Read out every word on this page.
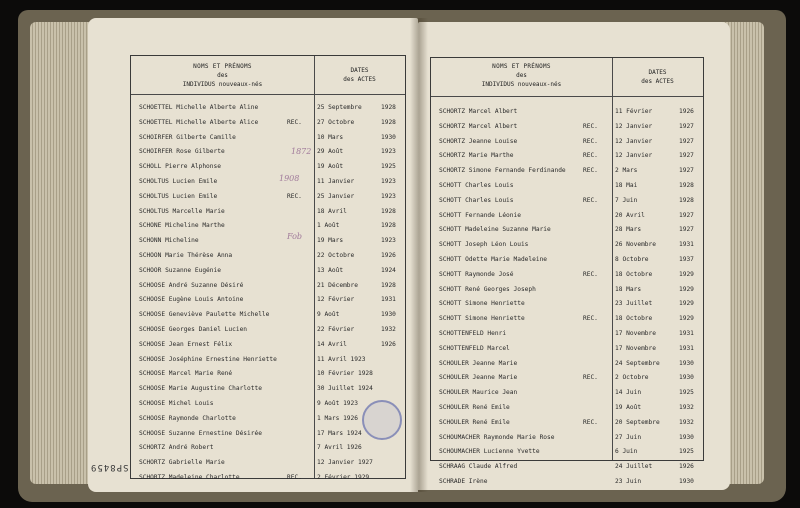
NOMS ET PRÉNOMS
des
INDIVIDUS nouveaux-nés
DATES
des ACTES
SCHOETTEL Michelle Alberte Aline	25 Septembre	1928
SCHOETTEL Michelle Alberte Alice	REC. 27 Octobre	1928
SCHOIRFER Gilberte Camille	10 Mars	1930
SCHOIRFER Rose Gilberte	29 Août	1923
SCHOLL Pierre Alphonse	19 Août	1925
SCHOLTUS Lucien Emile	11 Janvier	1923
SCHOLTUS Lucien Emile	REC. 25 Janvier	1923
SCHOLTUS Marcelle Marie	18 Avril	1928
SCHONE Micheline Marthe	1 Août	1928
SCHONN Micheline	19 Mars	1923
SCHOON Marie Thérèse Anna	22 Octobre	1926
SCHOOR Suzanne Eugénie	13 Août	1924
SCHOOSE André Suzanne Désiré	21 Décembre	1928
SCHOOSE Eugène Louis Antoine	12 Février	1931
SCHOOSE Geneviève Paulette Michelle	9 Août	1930
SCHOOSE Georges Daniel Lucien	22 Février	1932
SCHOOSE Jean Ernest Félix	14 Avril	1926
SCHOOSE Joséphine Ernestine Henriette	11 Avril 1923
SCHOOSE Marcel Marie René	10 Février 1928
SCHOOSE Marie Augustine Charlotte	30 Juillet 1924
SCHOOSE Michel Louis	9 Août 1923
SCHOOSE Raymonde Charlotte	1 Mars 1926
SCHOOSE Suzanne Ernestine Désirée	17 Mars 1924
SCHORTZ André Robert	7 Avril 1926
SCHORTZ Gabrielle Marie	12 Janvier 1927
SCHORTZ Madeleine Charlotte	REC. 2 Février 1929
1872
1908
Fob
NOMS ET PRÉNOMS
des
INDIVIDUS nouveaux-nés
DATES
des ACTES
SCHORTZ Marcel Albert	11 Février	1926
SCHORTZ Marcel Albert	REC.	12 Janvier	1927
SCHORTZ Jeanne Louise	REC.	12 Janvier	1927
SCHORTZ Marie Marthe	REC.	12 Janvier	1927
SCHORTZ Simone Fernande Ferdinande	REC.	2 Mars	1927
SCHOTT Charles Louis	18 Mai	1928
SCHOTT Charles Louis	REC.	7 Juin	1928
SCHOTT Fernande Léonie	20 Avril	1927
SCHOTT Madeleine Suzanne Marie	28 Mars	1927
SCHOTT Joseph Léon Louis	26 Novembre	1931
SCHOTT Odette Marie Madeleine	8 Octobre	1937
SCHOTT Raymonde José	REC.	18 Octobre	1929
SCHOTT René Georges Joseph	18 Mars	1929
SCHOTT Simone Henriette	23 Juillet	1929
SCHOTT Simone Henriette	REC.	18 Octobre	1929
SCHOTTENFELD Henri	17 Novembre	1931
SCHOTTENFELD Marcel	17 Novembre	1931
SCHOULER Jeanne Marie	24 Septembre	1930
SCHOULER Jeanne Marie	REC.	2 Octobre	1930
SCHOULER Maurice Jean	14 Juin	1925
SCHOULER René Emile	19 Août	1932
SCHOULER René Emile	REC.	20 Septembre	1932
SCHOUMACHER Raymonde Marie Rose	27 Juin	1930
SCHOUMACHER Lucienne Yvette	6 Juin	1925
SCHRAAG Claude Alfred	24 Juillet	1926
SCHRADE Irène	23 Juin	1930
SP8459
